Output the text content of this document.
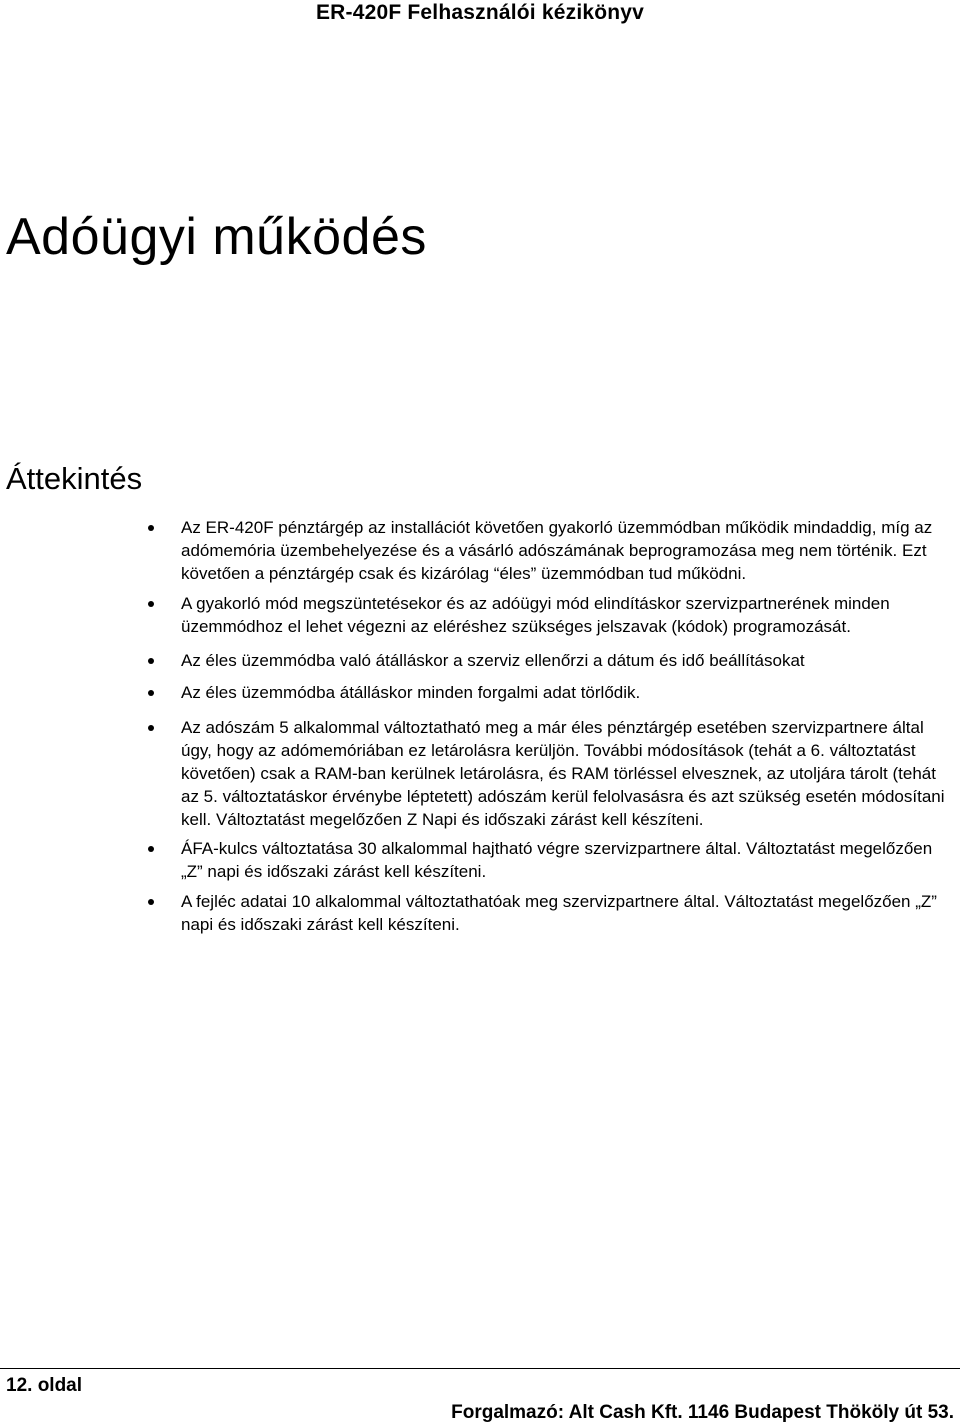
ER-420F Felhasználói kézikönyv
Adóügyi működés
Áttekintés
Az ER-420F pénztárgép az installációt követően gyakorló üzemmódban működik mindaddig, míg az adómemória üzembehelyezése és a vásárló adószámának beprogramozása meg nem történik. Ezt követően a pénztárgép csak és kizárólag “éles” üzemmódban tud működni.
A gyakorló mód megszüntetésekor és az adóügyi mód elindításkor szervizpartnerének minden üzemmódhoz el lehet végezni az eléréshez szükséges jelszavak (kódok) programozását.
Az éles üzemmódba való átálláskor a szerviz ellenőrzi a dátum és idő beállításokat
Az éles üzemmódba átálláskor minden forgalmi adat törlődik.
Az adószám 5 alkalommal változtatható meg a már éles pénztárgép esetében szervizpartnere által úgy, hogy az adómemóriában ez letárolásra kerüljön. További módosítások (tehát a 6. változtatást követően) csak a RAM-ban kerülnek letárolásra, és RAM törléssel elvesznek, az utoljára tárolt (tehát az 5. változtatáskor érvénybe léptetett) adószám kerül felolvasásra és azt szükség esetén módosítani kell. Változtatást megelőzően Z Napi és időszaki zárást kell készíteni.
ÁFA-kulcs változtatása 30 alkalommal hajtható végre szervizpartnere által. Változtatást megelőzően „Z” napi és időszaki zárást kell készíteni.
A fejléc adatai 10 alkalommal változtathatóak meg szervizpartnere által. Változtatást megelőzően „Z” napi és időszaki zárást kell készíteni.
12. oldal
Forgalmazó: Alt Cash Kft. 1146 Budapest Thököly út 53.
